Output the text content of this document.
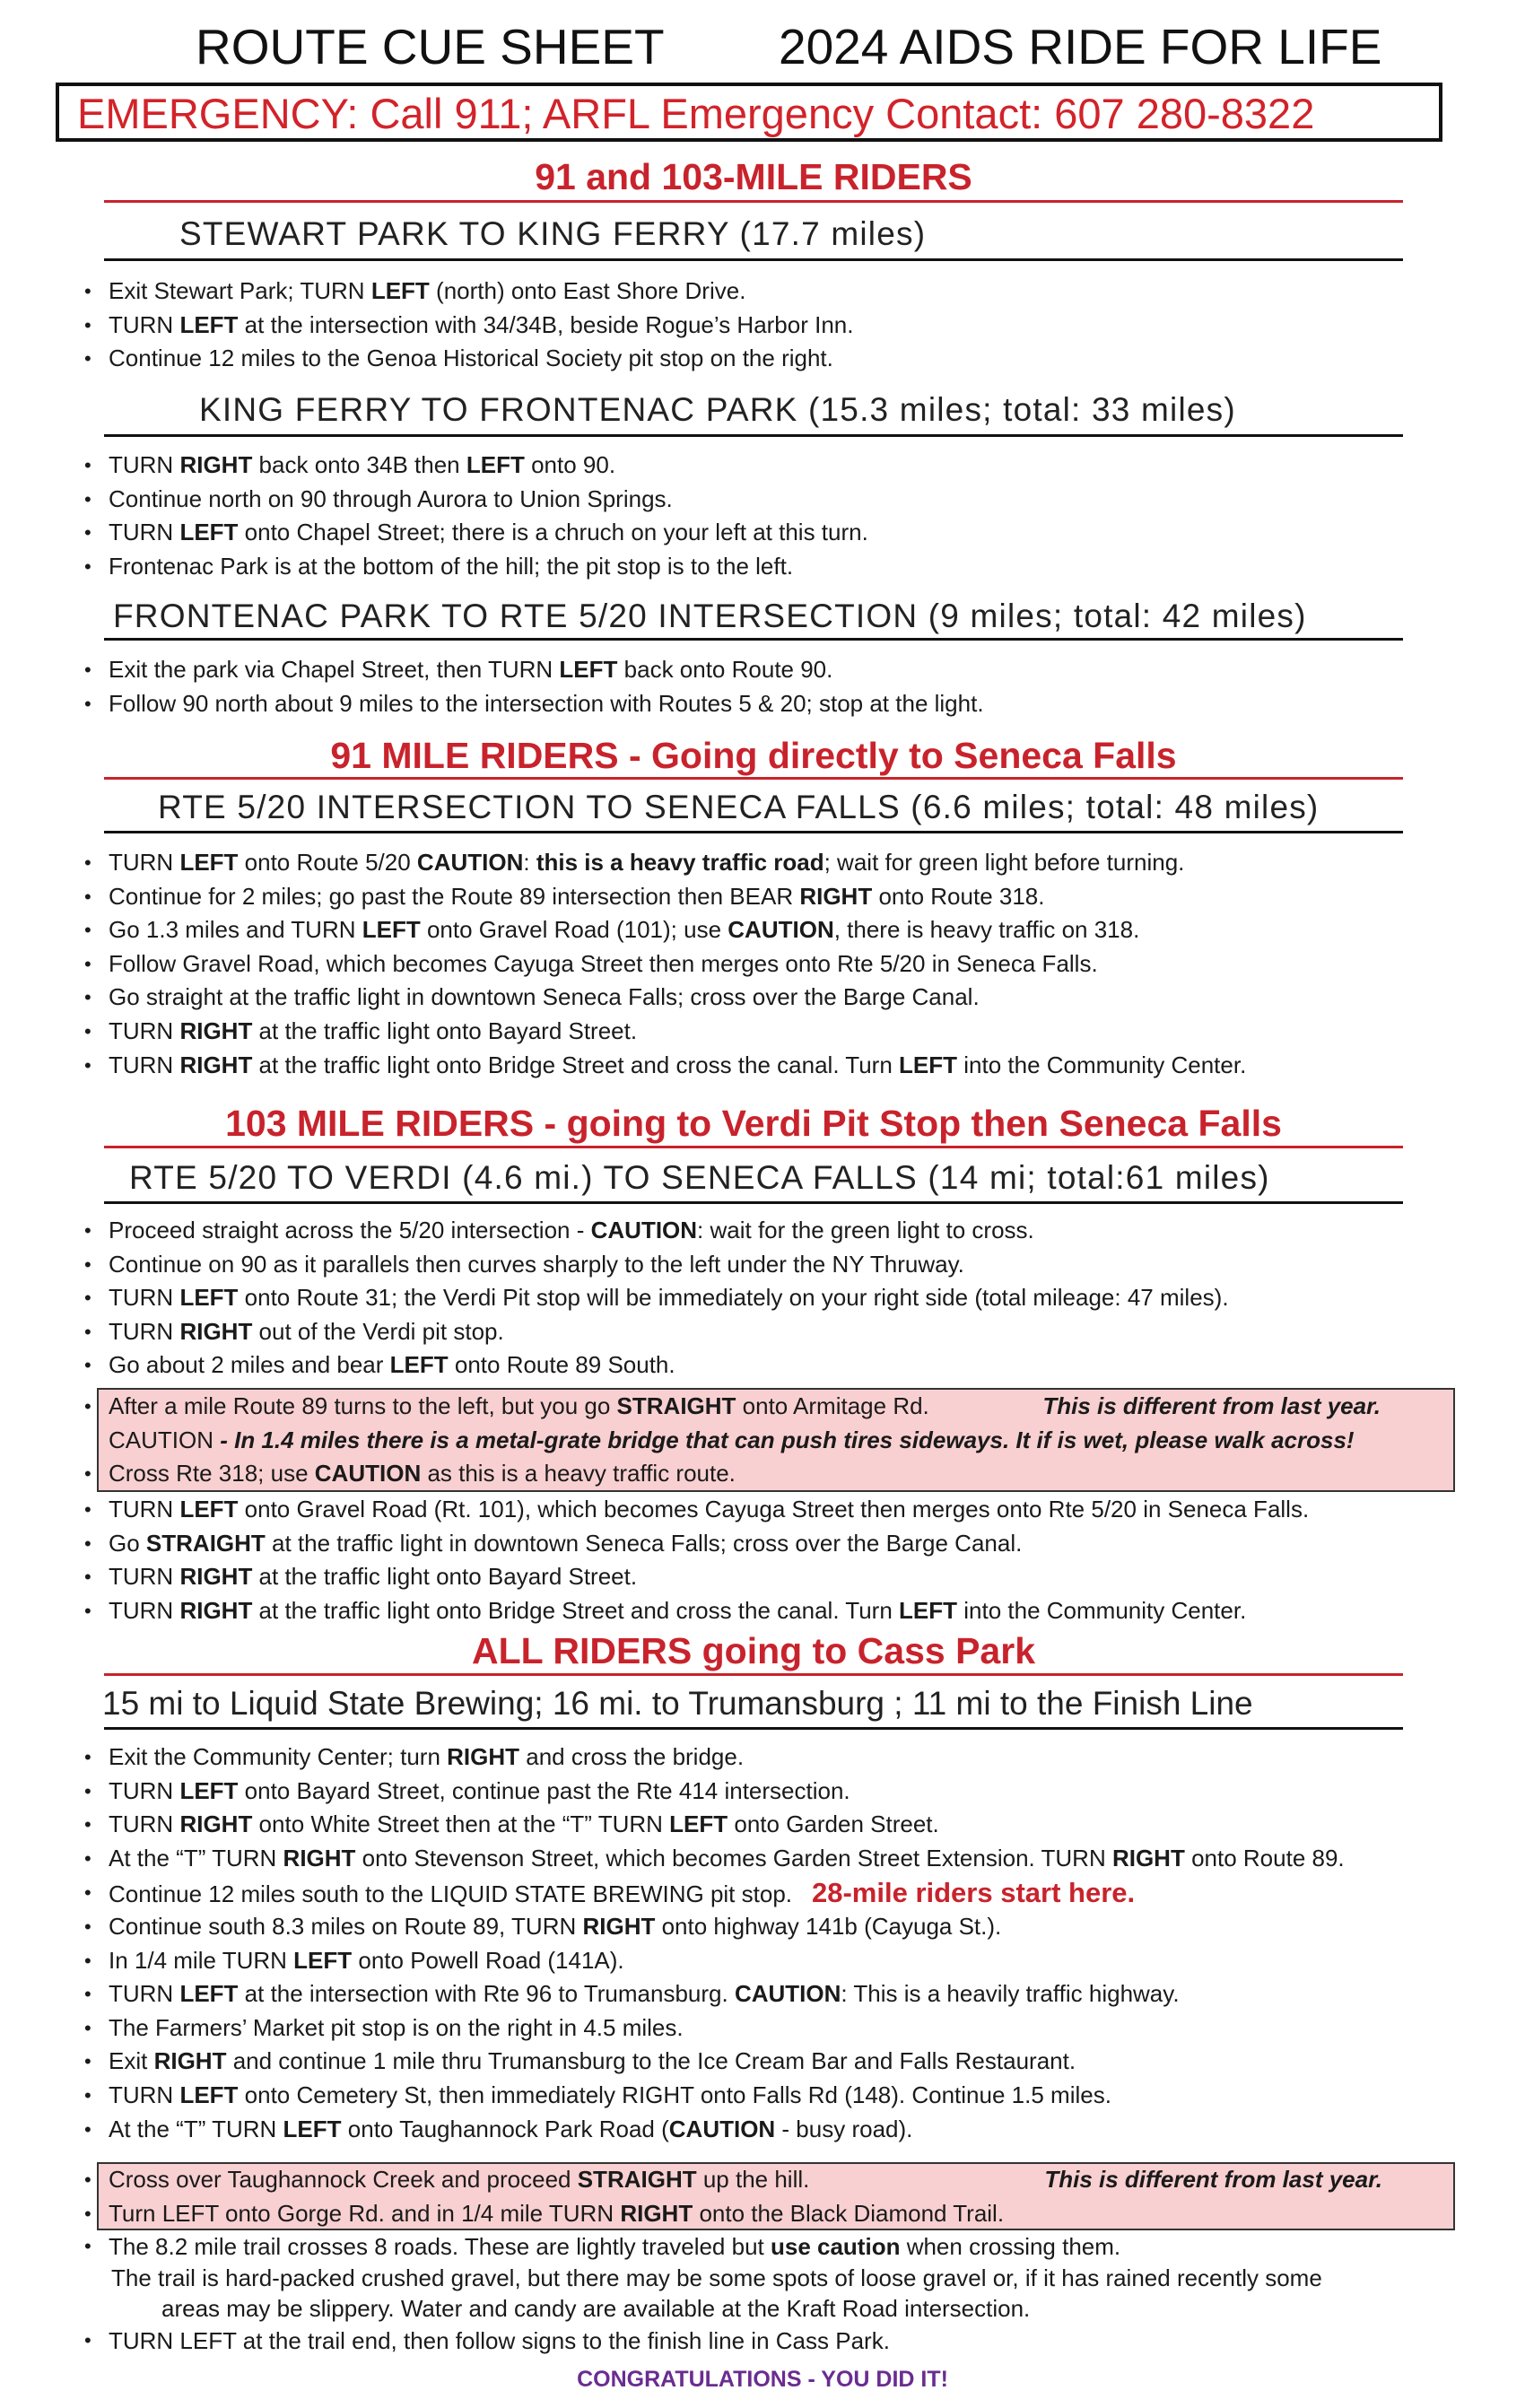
ROUTE CUE SHEET 2024 AIDS RIDE FOR LIFE
EMERGENCY: Call 911; ARFL Emergency Contact: 607 280-8322
91 and 103-MILE RIDERS
STEWART PARK TO KING FERRY (17.7 miles)
• Exit Stewart Park; TURN LEFT (north) onto East Shore Drive.
• TURN LEFT at the intersection with 34/34B, beside Rogue’s Harbor Inn.
• Continue 12 miles to the Genoa Historical Society pit stop on the right.
KING FERRY TO FRONTENAC PARK (15.3 miles; total: 33 miles)
• TURN RIGHT back onto 34B then LEFT onto 90.
• Continue north on 90 through Aurora to Union Springs.
• TURN LEFT onto Chapel Street; there is a chruch on your left at this turn.
• Frontenac Park is at the bottom of the hill; the pit stop is to the left.
FRONTENAC PARK TO RTE 5/20 INTERSECTION (9 miles; total: 42 miles)
• Exit the park via Chapel Street, then TURN LEFT back onto Route 90.
• Follow 90 north about 9 miles to the intersection with Routes 5 & 20; stop at the light.
91 MILE RIDERS - Going directly to Seneca Falls
RTE 5/20 INTERSECTION TO SENECA FALLS (6.6 miles; total: 48 miles)
• TURN LEFT onto Route 5/20 CAUTION: this is a heavy traffic road; wait for green light before turning.
• Continue for 2 miles; go past the Route 89 intersection then BEAR RIGHT onto Route 318.
• Go 1.3 miles and TURN LEFT onto Gravel Road (101); use CAUTION, there is heavy traffic on 318.
• Follow Gravel Road, which becomes Cayuga Street then merges onto Rte 5/20 in Seneca Falls.
• Go straight at the traffic light in downtown Seneca Falls; cross over the Barge Canal.
• TURN RIGHT at the traffic light onto Bayard Street.
• TURN RIGHT at the traffic light onto Bridge Street and cross the canal. Turn LEFT into the Community Center.
103 MILE RIDERS - going to Verdi Pit Stop then Seneca Falls
RTE 5/20 TO VERDI (4.6 mi.) TO SENECA FALLS (14 mi; total:61 miles)
• Proceed straight across the 5/20 intersection - CAUTION: wait for the green light to cross.
• Continue on 90 as it parallels then curves sharply to the left under the NY Thruway.
• TURN LEFT onto Route 31; the Verdi Pit stop will be immediately on your right side (total mileage: 47 miles).
• TURN RIGHT out of the Verdi pit stop.
• Go about 2 miles and bear LEFT onto Route 89 South.
• After a mile Route 89 turns to the left, but you go STRAIGHT onto Armitage Rd.	This is different from last year.
CAUTION - In 1.4 miles there is a metal-grate bridge that can push tires sideways. It if is wet, please walk across!
• Cross Rte 318; use CAUTION as this is a heavy traffic route.
• TURN LEFT onto Gravel Road (Rt. 101), which becomes Cayuga Street then merges onto Rte 5/20 in Seneca Falls.
• Go STRAIGHT at the traffic light in downtown Seneca Falls; cross over the Barge Canal.
• TURN RIGHT at the traffic light onto Bayard Street.
• TURN RIGHT at the traffic light onto Bridge Street and cross the canal. Turn LEFT into the Community Center.
ALL RIDERS going to Cass Park
15 mi to Liquid State Brewing; 16 mi. to Trumansburg ; 11 mi to the Finish Line
• Exit the Community Center; turn RIGHT and cross the bridge.
• TURN LEFT onto Bayard Street, continue past the Rte 414 intersection.
• TURN RIGHT onto White Street then at the “T” TURN LEFT onto Garden Street.
• At the “T” TURN RIGHT onto Stevenson Street, which becomes Garden Street Extension. TURN RIGHT onto Route 89.
• Continue 12 miles south to the LIQUID STATE BREWING pit stop. 28-mile riders start here.
• Continue south 8.3 miles on Route 89, TURN RIGHT onto highway 141b (Cayuga St.).
• In 1/4 mile TURN LEFT onto Powell Road (141A).
• TURN LEFT at the intersection with Rte 96 to Trumansburg. CAUTION: This is a heavily traffic highway.
• The Farmers’ Market pit stop is on the right in 4.5 miles.
• Exit RIGHT and continue 1 mile thru Trumansburg to the Ice Cream Bar and Falls Restaurant.
• TURN LEFT onto Cemetery St, then immediately RIGHT onto Falls Rd (148). Continue 1.5 miles.
• At the “T” TURN LEFT onto Taughannock Park Road (CAUTION - busy road).
• Cross over Taughannock Creek and proceed STRAIGHT up the hill.	This is different from last year.
• Turn LEFT onto Gorge Rd. and in 1/4 mile TURN RIGHT onto the Black Diamond Trail.
• The 8.2 mile trail crosses 8 roads. These are lightly traveled but use caution when crossing them.
The trail is hard-packed crushed gravel, but there may be some spots of loose gravel or, if it has rained recently some
areas may be slippery. Water and candy are available at the Kraft Road intersection.
• TURN LEFT at the trail end, then follow signs to the finish line in Cass Park.
CONGRATULATIONS - YOU DID IT!
